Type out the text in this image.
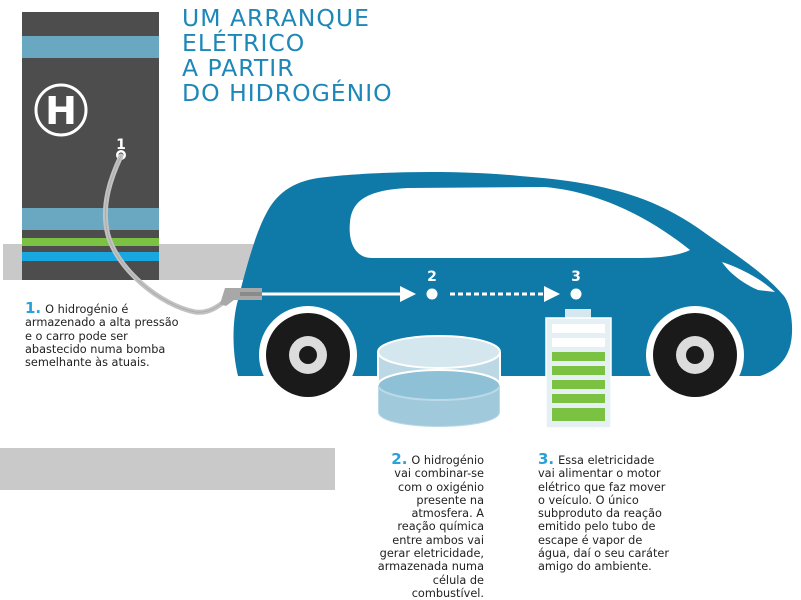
H
1
2	3
UM ARRANQUE
ELÉTRICO
A PARTIR
DO HIDROGÉNIO
1. O hidrogénio é armazenado a alta pressão e o carro pode ser abastecido numa bomba semelhante às atuais.
2. O hidrogénio vai combinar-se com o oxigénio presente na atmosfera. A reação química entre ambos vai gerar eletricidade, armazenada numa célula de combustível.
3. Essa eletricidade vai alimentar o motor elétrico que faz mover o veículo. O único subproduto da reação emitido pelo tubo de escape é vapor de água, daí o seu caráter amigo do ambiente.
